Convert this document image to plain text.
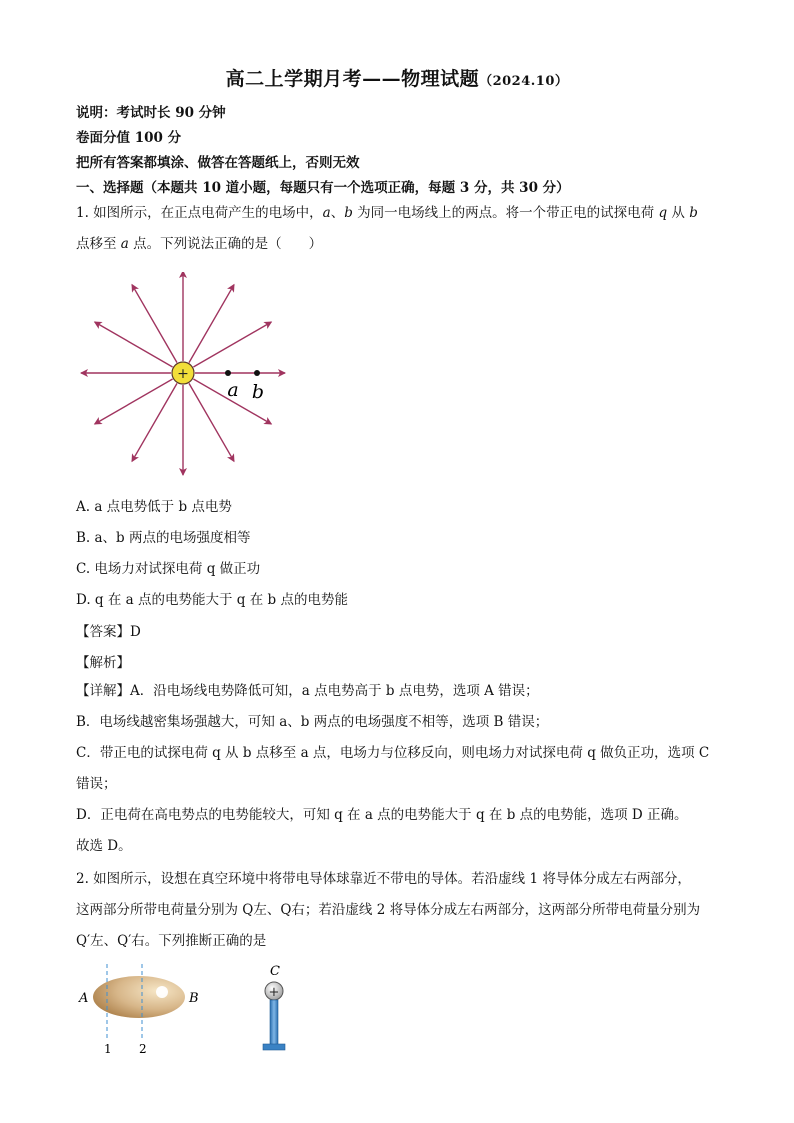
高二上学期月考——物理试题（2024.10）
说明：考试时长 90 分钟
卷面分值 100 分
把所有答案都填涂、做答在答题纸上，否则无效
一、选择题（本题共 10 道小题，每题只有一个选项正确，每题 3 分，共 30 分）

1. 如图所示，在正点电荷产生的电场中，a、b 为同一电场线上的两点。将一个带正电的试探电荷 q 从 b

点移至 a 点。下列说法正确的是（　　）

+
a b
A. a 点电势低于 b 点电势
B. a、b 两点的电场强度相等
C. 电场力对试探电荷 q 做正功
D. q 在 a 点的电势能大于 q 在 b 点的电势能
【答案】D
【解析】

【详解】A．沿电场线电势降低可知，a 点电势高于 b 点电势，选项 A 错误；

B．电场线越密集场强越大，可知 a、b 两点的电场强度不相等，选项 B 错误；

C．带正电的试探电荷 q 从 b 点移至 a 点，电场力与位移反向，则电场力对试探电荷 q 做负正功，选项 C

错误；

D．正电荷在高电势点的电势能较大，可知 q 在 a 点的电势能大于 q 在 b 点的电势能，选项 D 正确。

故选 D。

2. 如图所示，设想在真空环境中将带电导体球靠近不带电的导体。若沿虚线 1 将导体分成左右两部分，

这两部分所带电荷量分别为 Q左、Q右；若沿虚线 2 将导体分成左右两部分，这两部分所带电荷量分别为

Q′左、Q′右。下列推断正确的是

A	B
1 2
C
+
